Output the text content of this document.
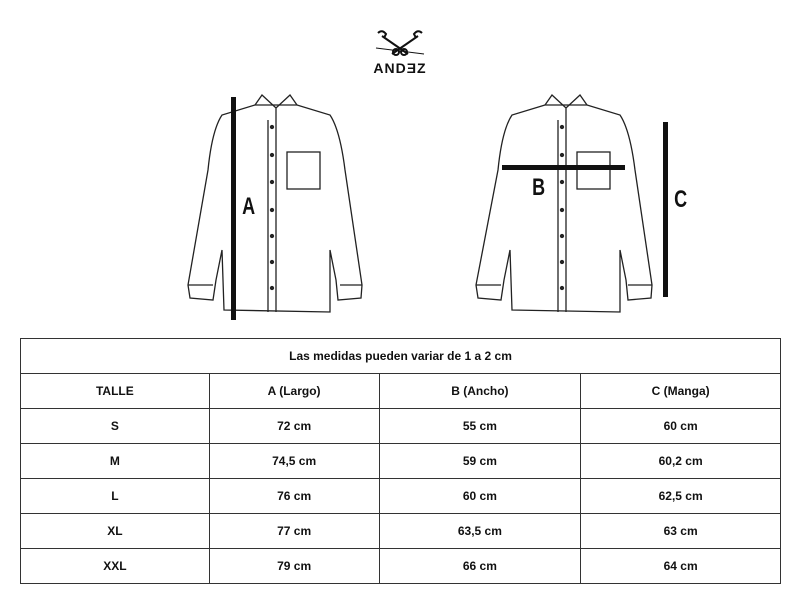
ANDƎZ
A
B	C
Las medidas pueden variar de 1 a 2 cm			
TALLE	A (Largo)	B (Ancho)	C (Manga)
S	72 cm	55 cm	60 cm
M	74,5 cm	59 cm	60,2 cm
L	76 cm	60 cm	62,5 cm
XL	77 cm	63,5 cm	63 cm
XXL	79 cm	66 cm	64 cm
